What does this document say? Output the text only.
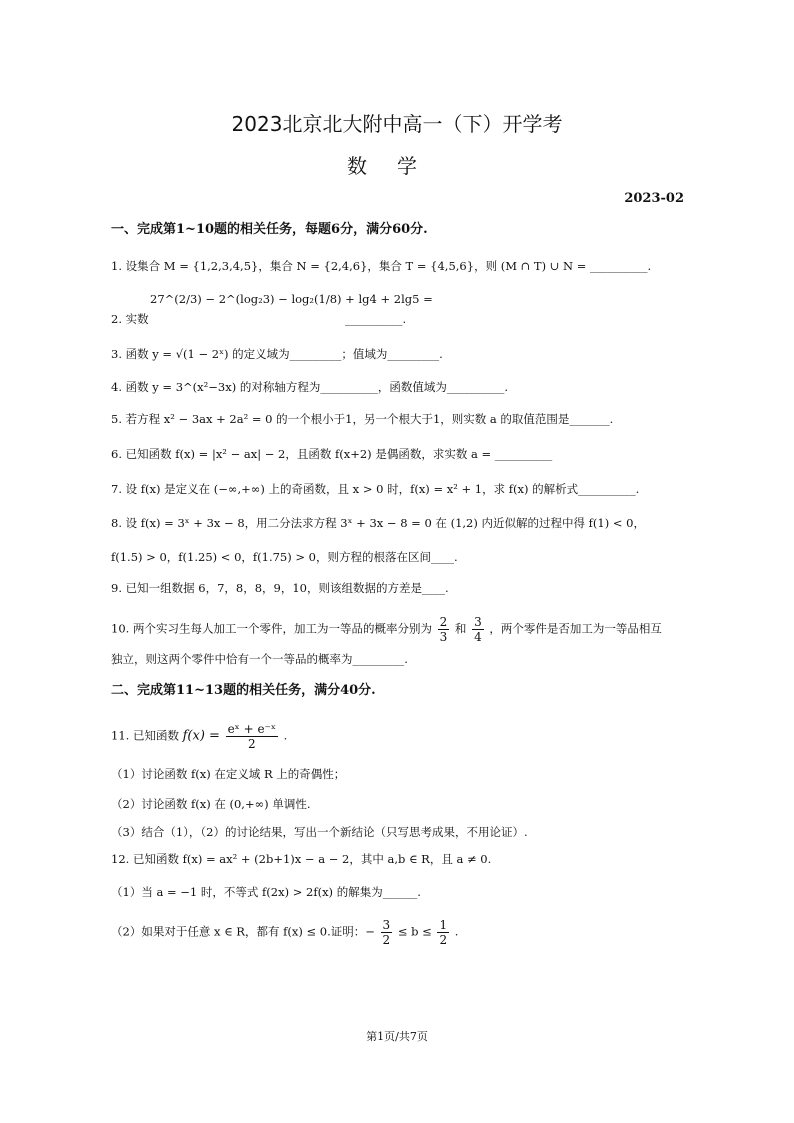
2023北京北大附中高一（下）开学考
数学
2023-02
一、完成第1~10题的相关任务，每题6分，满分60分.
1. 设集合 M = {1,2,3,4,5}，集合 N = {2,4,6}，集合 T = {4,5,6}，则 (M ∩ T) ∪ N = __________.
27^(2/3) − 2^(log₂3) − log₂(1/8) + lg4 + 2lg5 =
2. 实数	__________.
3. 函数 y = √(1 − 2ˣ) 的定义域为_________；值域为_________.
4. 函数 y = 3^(x²−3x) 的对称轴方程为__________，函数值域为__________.
5. 若方程 x² − 3ax + 2a² = 0 的一个根小于1，另一个根大于1，则实数 a 的取值范围是_______.
6. 已知函数 f(x) = |x² − ax| − 2，且函数 f(x+2) 是偶函数，求实数 a = __________
7. 设 f(x) 是定义在 (−∞,+∞) 上的奇函数，且 x > 0 时，f(x) = x² + 1，求 f(x) 的解析式__________.
8. 设 f(x) = 3ˣ + 3x − 8，用二分法求方程 3ˣ + 3x − 8 = 0 在 (1,2) 内近似解的过程中得 f(1) < 0，
f(1.5) > 0，f(1.25) < 0，f(1.75) > 0，则方程的根落在区间____.
9. 已知一组数据 6，7，8，8，9，10，则该组数据的方差是____.
10. 两个实习生每人加工一个零件，加工为一等品的概率分别为 $\frac{2}{3}$ 和 $\frac{3}{4}$ ，两个零件是否加工为一等品相互
独立，则这两个零件中恰有一个一等品的概率为_________.
二、完成第11~13题的相关任务，满分40分.
11. 已知函数 $f(x) = \frac{\text{eˣ + e⁻ˣ}}{2}$ .
（1）讨论函数 f(x) 在定义域 R 上的奇偶性；
（2）讨论函数 f(x) 在 (0,+∞) 单调性.
（3）结合（1），（2）的讨论结果，写出一个新结论（只写思考成果，不用论证）.
12. 已知函数 f(x) = ax² + (2b+1)x − a − 2，其中 a,b ∈ R，且 a ≠ 0.
（1）当 a = −1 时，不等式 f(2x) > 2f(x) 的解集为______.
（2）如果对于任意 x ∈ R，都有 f(x) ≤ 0.证明：− $\frac{3}{2} \le b \le \frac{1}{2}$ .
第1页/共7页
